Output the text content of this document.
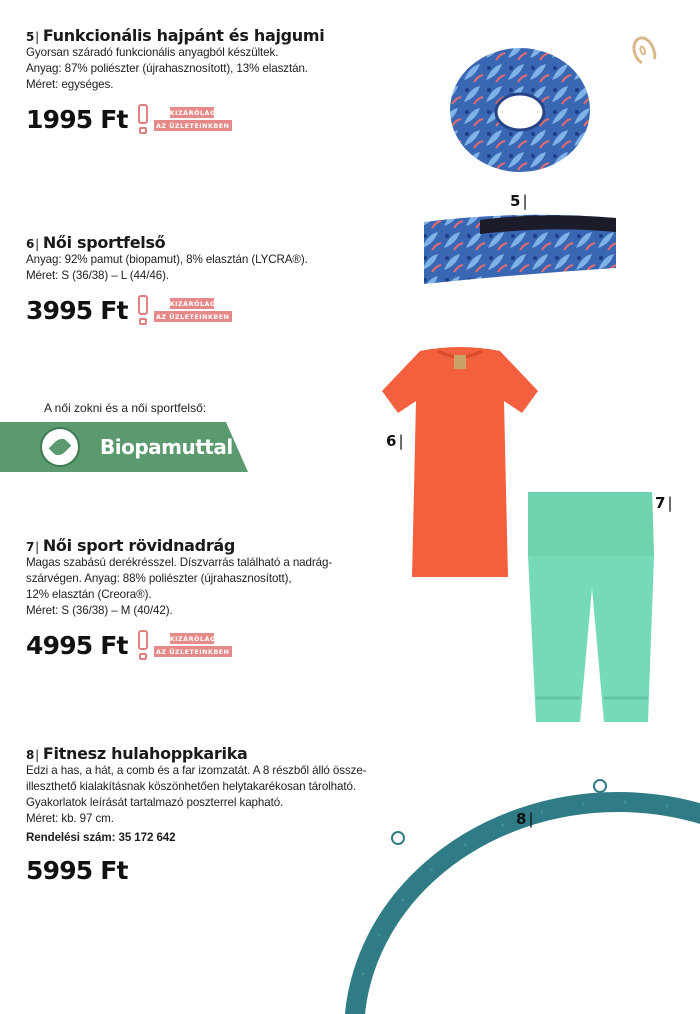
5 | Funkcionális hajpánt és hajgumi
Gyorsan száradó funkcionális anyagból készültek.
Anyag: 87% poliészter (újrahasznosított), 13% elasztán.
Méret: egységes.
1995 Ft	KIZÁRÓLAG
AZ ÜZLETEINKBEN
6 | Női sportfelső
Anyag: 92% pamut (biopamut), 8% elasztán (LYCRA®).
Méret: S (36/38) – L (44/46).
3995 Ft	KIZÁRÓLAG
AZ ÜZLETEINKBEN
A női zokni és a női sportfelső:
Biopamuttal
7 | Női sport rövidnadrág
Magas szabású derékrésszel. Díszvarrás található a nadrág-
szárvégen. Anyag: 88% poliészter (újrahasznosított),
12% elasztán (Creora®).
Méret: S (36/38) – M (40/42).
4995 Ft	KIZÁRÓLAG
AZ ÜZLETEINKBEN
8 | Fitnesz hulahoppkarika
Edzi a has, a hát, a comb és a far izomzatát. A 8 részből álló össze-
illeszthető kialakításnak köszönhetően helytakarékosan tárolható.
Gyakorlatok leírását tartalmazó poszterrel kapható.
Méret: kb. 97 cm.
Rendelési szám: 35 172 642
5995 Ft
5 |
6 |
7 |
8 |
